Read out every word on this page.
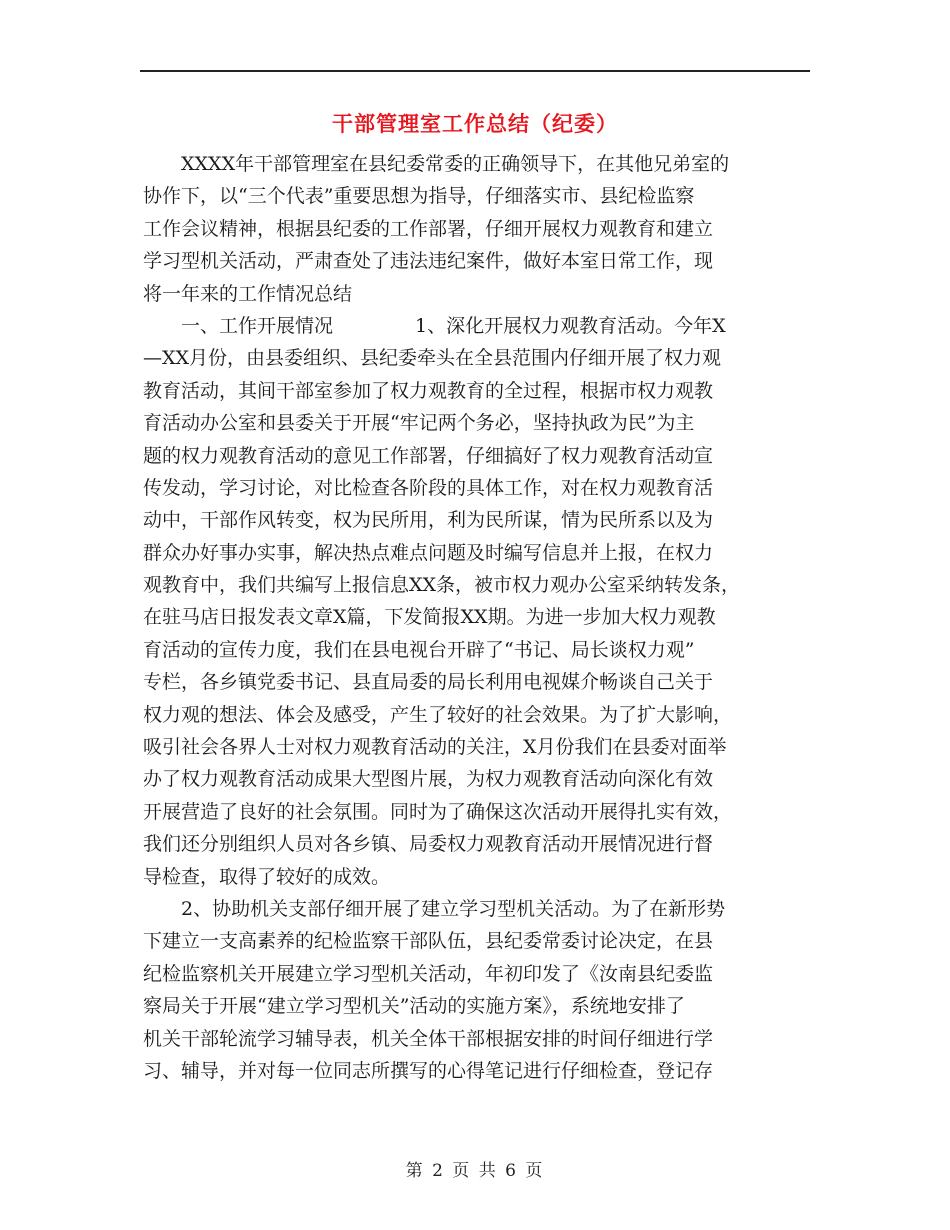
干部管理室工作总结（纪委）
XXXX年干部管理室在县纪委常委的正确领导下，在其他兄弟室的
协作下，以“三个代表”重要思想为指导，仔细落实市、县纪检监察
工作会议精神，根据县纪委的工作部署，仔细开展权力观教育和建立
学习型机关活动，严肃查处了违法违纪案件，做好本室日常工作，现
将一年来的工作情况总结
一、工作开展情况	1、深化开展权力观教育活动。今年X
—XX月份，由县委组织、县纪委牵头在全县范围内仔细开展了权力观
教育活动，其间干部室参加了权力观教育的全过程，根据市权力观教
育活动办公室和县委关于开展“牢记两个务必，坚持执政为民”为主
题的权力观教育活动的意见工作部署，仔细搞好了权力观教育活动宣
传发动，学习讨论，对比检查各阶段的具体工作，对在权力观教育活
动中，干部作风转变，权为民所用，利为民所谋，情为民所系以及为
群众办好事办实事，解决热点难点问题及时编写信息并上报，在权力
观教育中，我们共编写上报信息XX条，被市权力观办公室采纳转发条，
在驻马店日报发表文章X篇，下发简报XX期。为进一步加大权力观教
育活动的宣传力度，我们在县电视台开辟了“书记、局长谈权力观”
专栏，各乡镇党委书记、县直局委的局长利用电视媒介畅谈自己关于
权力观的想法、体会及感受，产生了较好的社会效果。为了扩大影响，
吸引社会各界人士对权力观教育活动的关注，X月份我们在县委对面举
办了权力观教育活动成果大型图片展，为权力观教育活动向深化有效
开展营造了良好的社会氛围。同时为了确保这次活动开展得扎实有效，
我们还分别组织人员对各乡镇、局委权力观教育活动开展情况进行督
导检查，取得了较好的成效。
2、协助机关支部仔细开展了建立学习型机关活动。为了在新形势
下建立一支高素养的纪检监察干部队伍，县纪委常委讨论决定，在县
纪检监察机关开展建立学习型机关活动，年初印发了《汝南县纪委监
察局关于开展“建立学习型机关”活动的实施方案》，系统地安排了
机关干部轮流学习辅导表，机关全体干部根据安排的时间仔细进行学
习、辅导，并对每一位同志所撰写的心得笔记进行仔细检查，登记存
第 2 页 共 6 页
